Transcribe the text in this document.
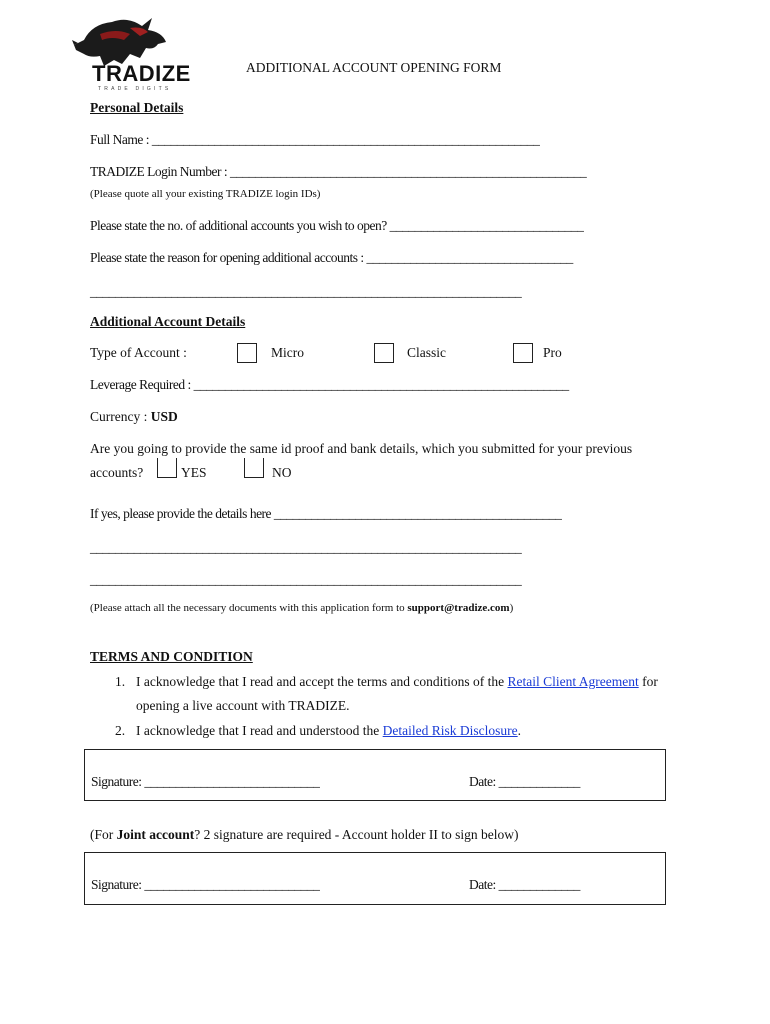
TRADIZE
TRADE DIGITS
ADDITIONAL ACCOUNT OPENING FORM
Personal Details
Full Name : ______________________________________________________________
TRADIZE Login Number : _________________________________________________________
(Please quote all your existing TRADIZE login IDs)
Please state the no. of additional accounts you wish to open? _______________________________
Please state the reason for opening additional accounts : _________________________________
_____________________________________________________________________
Additional Account Details
Type of Account :	Micro	Classic	Pro
Leverage Required : ____________________________________________________________
Currency : USD
Are you going to provide the same id proof and bank details, which you submitted for your previous
accounts?	YES	NO
If yes, please provide the details here ______________________________________________
_____________________________________________________________________
_____________________________________________________________________
(Please attach all the necessary documents with this application form to support@tradize.com)
TERMS AND CONDITION
1. I acknowledge that I read and accept the terms and conditions of the Retail Client Agreement for
opening a live account with TRADIZE.
2. I acknowledge that I read and understood the Detailed Risk Disclosure.
Signature: ____________________________	Date: _____________
(For Joint account? 2 signature are required - Account holder II to sign below)
Signature: ____________________________	Date: _____________
